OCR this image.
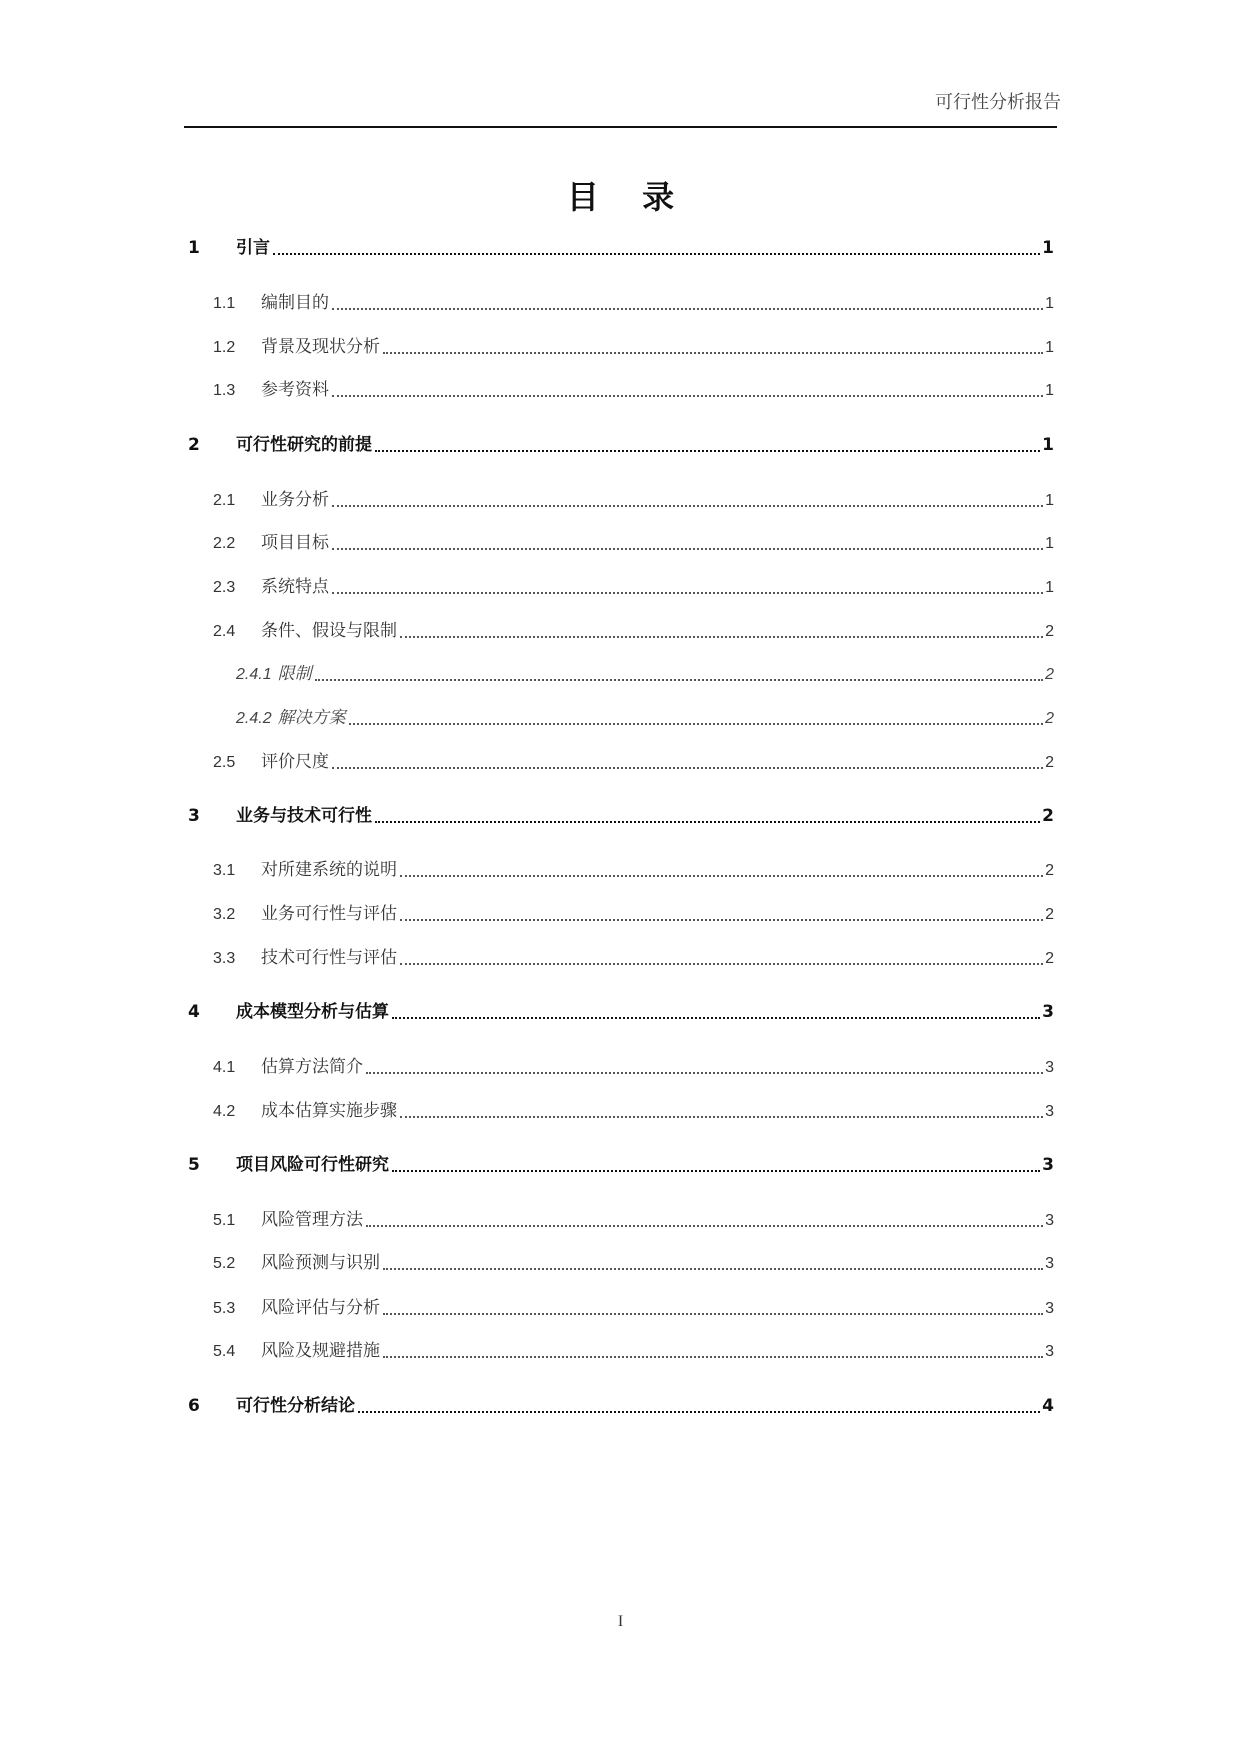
可行性分析报告
目 录
1	引言	1
1.1	编制目的	1
1.2	背景及现状分析	1
1.3	参考资料	1
2	可行性研究的前提	1
2.1	业务分析	1
2.2	项目目标	1
2.3	系统特点	1
2.4	条件、假设与限制	2
2.4.1 限制	2
2.4.2 解决方案	2
2.5	评价尺度	2
3	业务与技术可行性	2
3.1	对所建系统的说明	2
3.2	业务可行性与评估	2
3.3	技术可行性与评估	2
4	成本模型分析与估算	3
4.1	估算方法简介	3
4.2	成本估算实施步骤	3
5	项目风险可行性研究	3
5.1	风险管理方法	3
5.2	风险预测与识别	3
5.3	风险评估与分析	3
5.4	风险及规避措施	3
6	可行性分析结论	4
I
